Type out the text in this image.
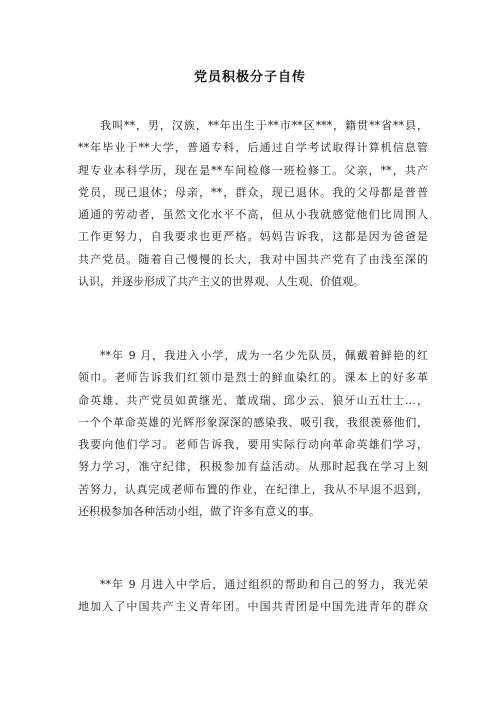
党员积极分子自传
我叫**，男，汉族，**年出生于**市**区***，籍贯**省**县，
**年毕业于**大学，普通专科，后通过自学考试取得计算机信息管
理专业本科学历，现在是**车间检修一班检修工。父亲，**，共产
党员，现已退休；母亲，**，群众，现已退休。我的父母都是普普
通通的劳动者，虽然文化水平不高，但从小我就感觉他们比周围人
工作更努力，自我要求也更严格。妈妈告诉我，这都是因为爸爸是
共产党员。随着自己慢慢的长大，我对中国共产党有了由浅至深的
认识，并逐步形成了共产主义的世界观、人生观、价值观。
**年 9 月，我进入小学，成为一名少先队员，佩戴着鲜艳的红
领巾。老师告诉我们红领巾是烈士的鲜血染红的。课本上的好多革
命英雄、共产党员如黄继光、董成瑞、邱少云、狼牙山五壮士…，
一个个革命英雄的光辉形象深深的感染我、吸引我，我很羡慕他们，
我要向他们学习。老师告诉我，要用实际行动向革命英雄们学习，
努力学习，准守纪律，积极参加有益活动。从那时起我在学习上刻
苦努力，认真完成老师布置的作业，在纪律上，我从不早退不迟到，
还积极参加各种活动小组，做了许多有意义的事。
**年 9 月进入中学后，通过组织的帮助和自己的努力，我光荣
地加入了中国共产主义青年团。中国共青团是中国先进青年的群众
